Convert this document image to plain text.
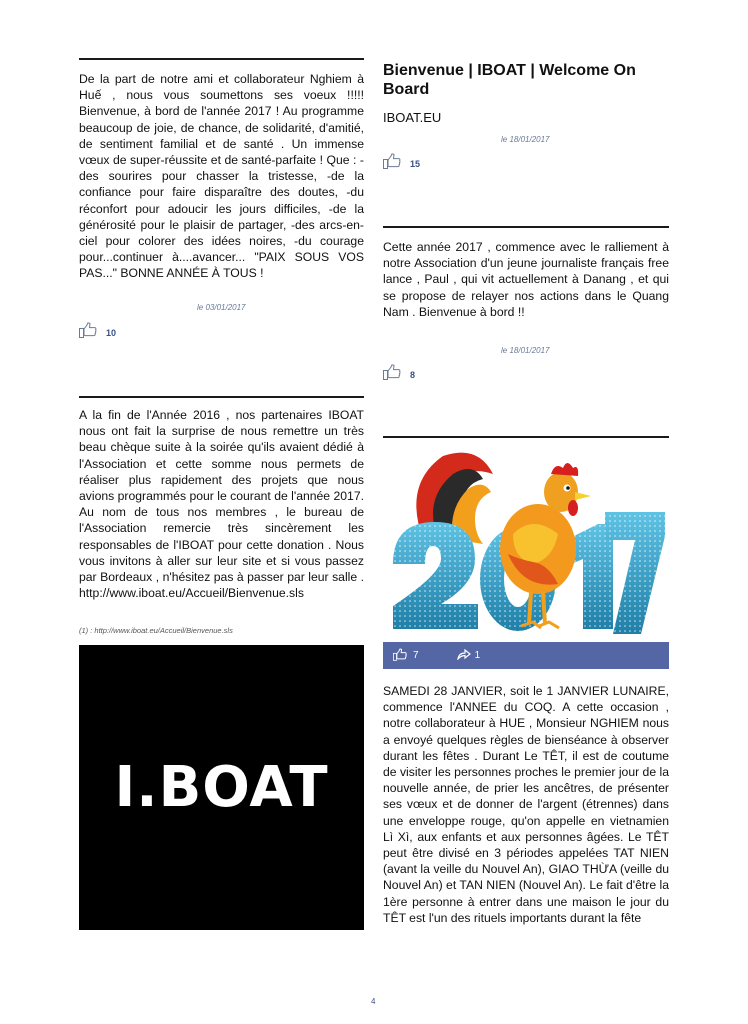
De la part de notre ami et collaborateur Nghiem à Huế , nous vous soumettons ses voeux !!!!! Bienvenue, à bord de l'année 2017 ! Au programme beaucoup de joie, de chance, de solidarité, d'amitié, de sentiment familial et de santé . Un immense vœux de super-réussite et de santé-parfaite ! Que : -des sourires pour chasser la tristesse, -de la confiance pour faire disparaître des doutes, -du réconfort pour adoucir les jours difficiles, -de la générosité pour le plaisir de partager, -des arcs-en-ciel pour colorer des idées noires, -du courage pour...continuer à....avancer... "PAIX SOUS VOS PAS..." BONNE ANNÉE À TOUS !

le 03/01/2017
10

A la fin de l'Année 2016 , nos partenaires IBOAT nous ont fait la surprise de nous remettre un très beau chèque suite à la soirée qu'ils avaient dédié à l'Association et cette somme nous permets de réaliser plus rapidement des projets que nous avions programmés pour le courant de l'année 2017. Au nom de tous nos membres , le bureau de l'Association remercie très sincèrement les responsables de l'IBOAT pour cette donation . Nous vous invitons à aller sur leur site et si vous passez par Bordeaux , n'hésitez pas à passer par leur salle . http://www.iboat.eu/Accueil/Bienvenue.sls

(1) : http://www.iboat.eu/Accueil/Bienvenue.sls
I.BOAT
Bienvenue | IBOAT | Welcome On Board
IBOAT.EU
le 18/01/2017
15

Cette année 2017 , commence avec le ralliement à notre Association d'un jeune journaliste français free lance , Paul , qui vit actuellement à Danang , et qui se propose de relayer nos actions dans le Quang Nam . Bienvenue à bord !!

le 18/01/2017
8
7	1

SAMEDI 28 JANVIER, soit le 1 JANVIER LUNAIRE, commence l'ANNEE du COQ. A cette occasion , notre collaborateur à HUE , Monsieur NGHIEM nous a envoyé quelques règles de bienséance à observer durant les fêtes . Durant Le TÊT, il est de coutume de visiter les personnes proches le premier jour de la nouvelle année, de prier les ancêtres, de présenter ses vœux et de donner de l'argent (étrennes) dans une enveloppe rouge, qu'on appelle en vietnamien Lì Xì, aux enfants et aux personnes âgées. Le TÊT peut être divisé en 3 périodes appelées TAT NIEN (avant la veille du Nouvel An), GIAO THỪA (veille du Nouvel An) et TAN NIEN (Nouvel An). Le fait d'être la 1ère personne à entrer dans une maison le jour du TÊT est l'un des rituels importants durant la fête

4
